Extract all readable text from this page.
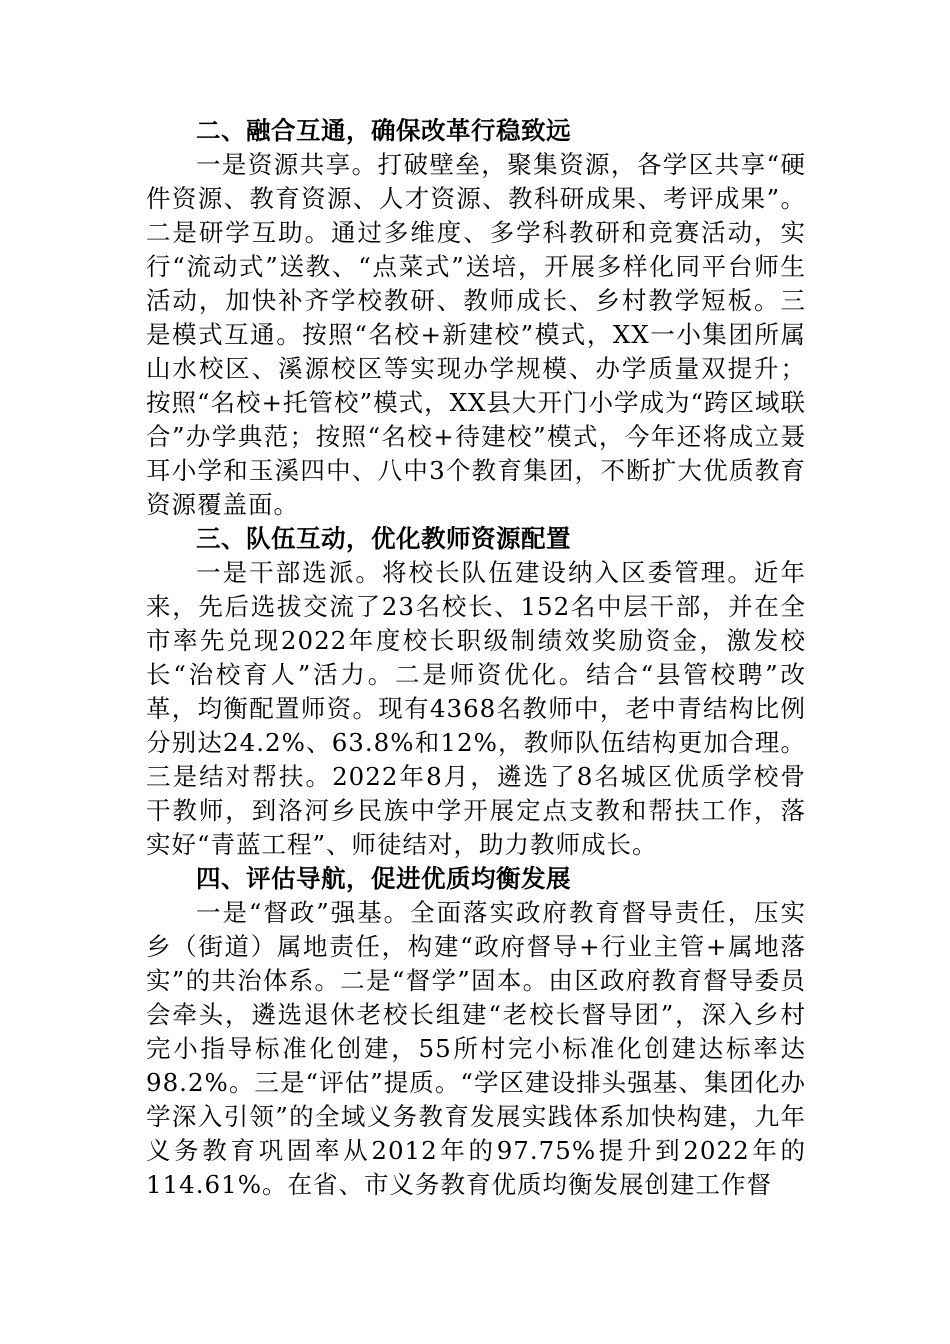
二、融合互通，确保改革行稳致远

一是资源共享。打破壁垒，聚集资源，各学区共享“硬件资源、教育资源、人才资源、教科研成果、考评成果”。二是研学互助。通过多维度、多学科教研和竞赛活动，实行“流动式”送教、“点菜式”送培，开展多样化同平台师生活动，加快补齐学校教研、教师成长、乡村教学短板。三是模式互通。按照“名校+新建校”模式，XX一小集团所属山水校区、溪源校区等实现办学规模、办学质量双提升；按照“名校+托管校”模式，XX县大开门小学成为“跨区域联合”办学典范；按照“名校+待建校”模式，今年还将成立聂耳小学和玉溪四中、八中3个教育集团，不断扩大优质教育资源覆盖面。

三、队伍互动，优化教师资源配置

一是干部选派。将校长队伍建设纳入区委管理。近年来，先后选拔交流了23名校长、152名中层干部，并在全市率先兑现2022年度校长职级制绩效奖励资金，激发校长“治校育人”活力。二是师资优化。结合“县管校聘”改革，均衡配置师资。现有4368名教师中，老中青结构比例分别达24.2%、63.8%和12%，教师队伍结构更加合理。三是结对帮扶。2022年8月，遴选了8名城区优质学校骨干教师，到洛河乡民族中学开展定点支教和帮扶工作，落实好“青蓝工程”、师徒结对，助力教师成长。

四、评估导航，促进优质均衡发展

一是“督政”强基。全面落实政府教育督导责任，压实乡（街道）属地责任，构建“政府督导+行业主管+属地落实”的共治体系。二是“督学”固本。由区政府教育督导委员会牵头，遴选退休老校长组建“老校长督导团”，深入乡村完小指导标准化创建，55所村完小标准化创建达标率达98.2%。三是“评估”提质。“学区建设排头强基、集团化办学深入引领”的全域义务教育发展实践体系加快构建，九年义务教育巩固率从2012年的97.75%提升到2022年的114.61%。在省、市义务教育优质均衡发展创建工作督
